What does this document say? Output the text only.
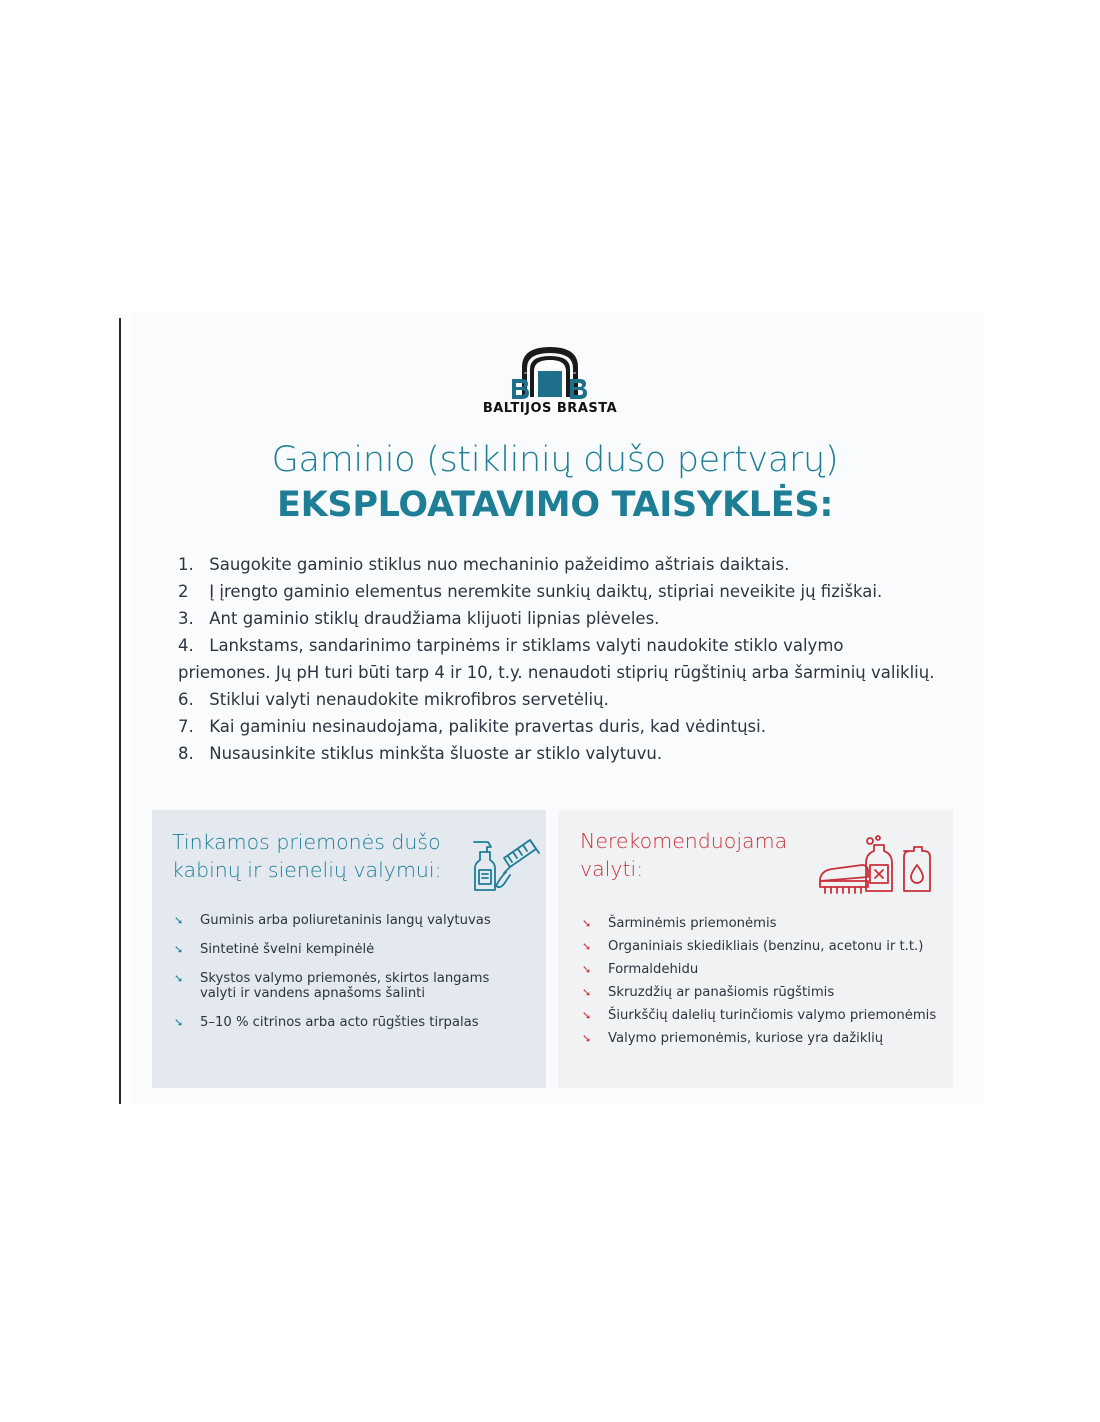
BALTIJOS BRASTA
Gaminio (stiklinių dušo pertvarų)
EKSPLOATAVIMO TAISYKLĖS:
1. Saugokite gaminio stiklus nuo mechaninio pažeidimo aštriais daiktais.
2 Į įrengto gaminio elementus neremkite sunkių daiktų, stipriai neveikite jų fiziškai.
3. Ant gaminio stiklų draudžiama klijuoti lipnias plėveles.
4. Lankstams, sandarinimo tarpinėms ir stiklams valyti naudokite stiklo valymo priemones. Jų pH turi būti tarp 4 ir 10, t.y. nenaudoti stiprių rūgštinių arba šarminių valiklių.
6. Stiklui valyti nenaudokite mikrofibros servetėlių.
7. Kai gaminiu nesinaudojama, palikite pravertas duris, kad vėdintųsi.
8. Nusausinkite stiklus minkšta šluoste ar stiklo valytuvu.
Tinkamos priemonės dušo kabinų ir sienelių valymui:
➘ Guminis arba poliuretaninis langų valytuvas
➘ Sintetinė švelni kempinėlė
➘ Skystos valymo priemonės, skirtos langams valyti ir vandens apnašoms šalinti
➘ 5–10 % citrinos arba acto rūgšties tirpalas
Nerekomenduojama valyti:
➘ Šarminėmis priemonėmis
➘ Organiniais skiedikliais (benzinu, acetonu ir t.t.)
➘ Formaldehidu
➘ Skruzdžių ar panašiomis rūgštimis
➘ Šiurkščių dalelių turinčiomis valymo priemonėmis
➘ Valymo priemonėmis, kuriose yra dažiklių
